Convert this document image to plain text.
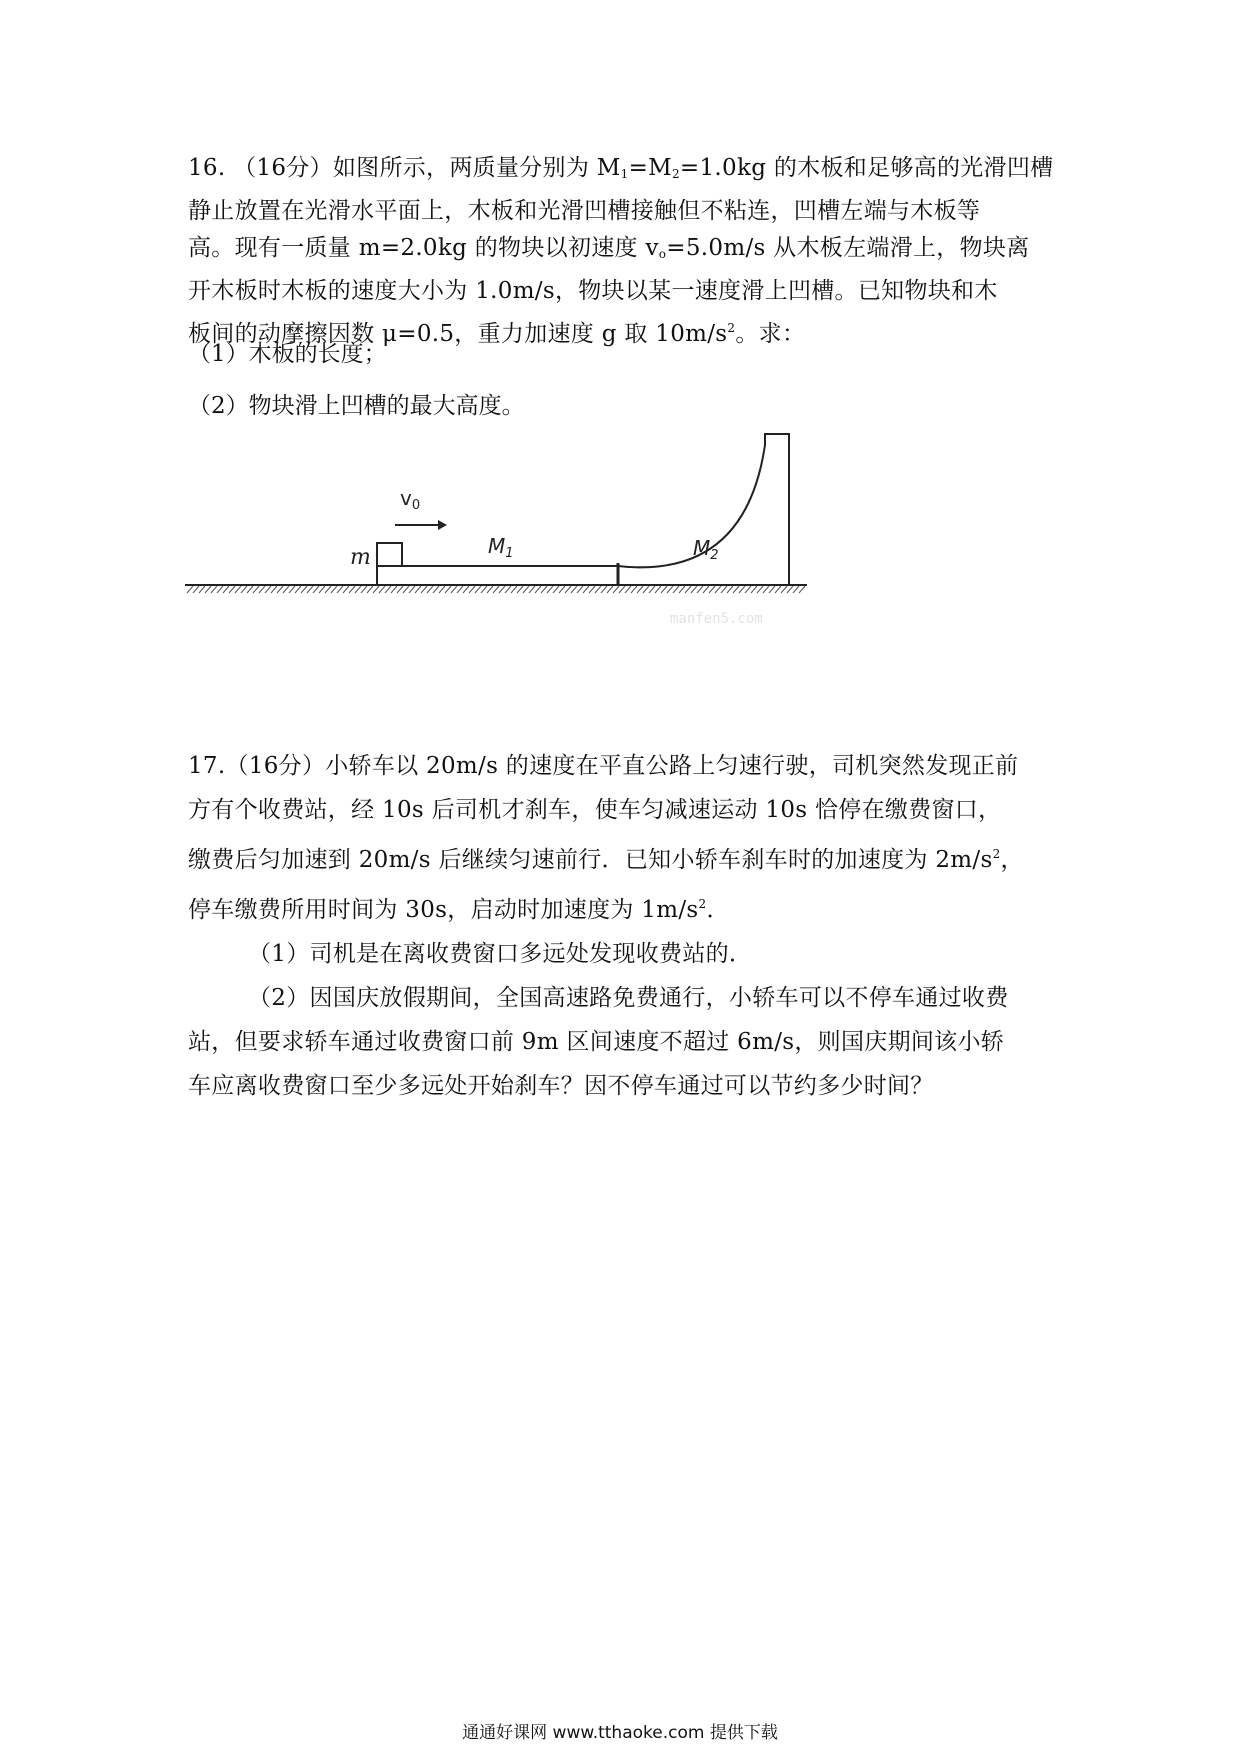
16. （16分）如图所示，两质量分别为 $M_1=M_2=1.0kg$ 的木板和足够高的光滑凹槽
静止放置在光滑水平面上，木板和光滑凹槽接触但不粘连，凹槽左端与木板等
高。现有一质量 m=2.0kg 的物块以初速度 $v_o=5.0m/s$ 从木板左端滑上，物块离
开木板时木板的速度大小为 1.0m/s，物块以某一速度滑上凹槽。已知物块和木
板间的动摩擦因数 μ=0.5，重力加速度 g 取 $10m/s^2$。求：
（1）木板的长度；
（2）物块滑上凹槽的最大高度。
$v_0$
m	$M_1$	$M_2$
manfen5.com
17.（16分）小轿车以 20m/s 的速度在平直公路上匀速行驶，司机突然发现正前
方有个收费站，经 10s 后司机才刹车，使车匀减速运动 10s 恰停在缴费窗口，
缴费后匀加速到 20m/s 后继续匀速前行．已知小轿车刹车时的加速度为 $2m/s^2$，
停车缴费所用时间为 30s，启动时加速度为 $1m/s^2$．
（1）司机是在离收费窗口多远处发现收费站的．
（2）因国庆放假期间，全国高速路免费通行，小轿车可以不停车通过收费
站，但要求轿车通过收费窗口前 9m 区间速度不超过 6m/s，则国庆期间该小轿
车应离收费窗口至少多远处开始刹车？因不停车通过可以节约多少时间？
通通好课网 www.tthaoke.com 提供下载
